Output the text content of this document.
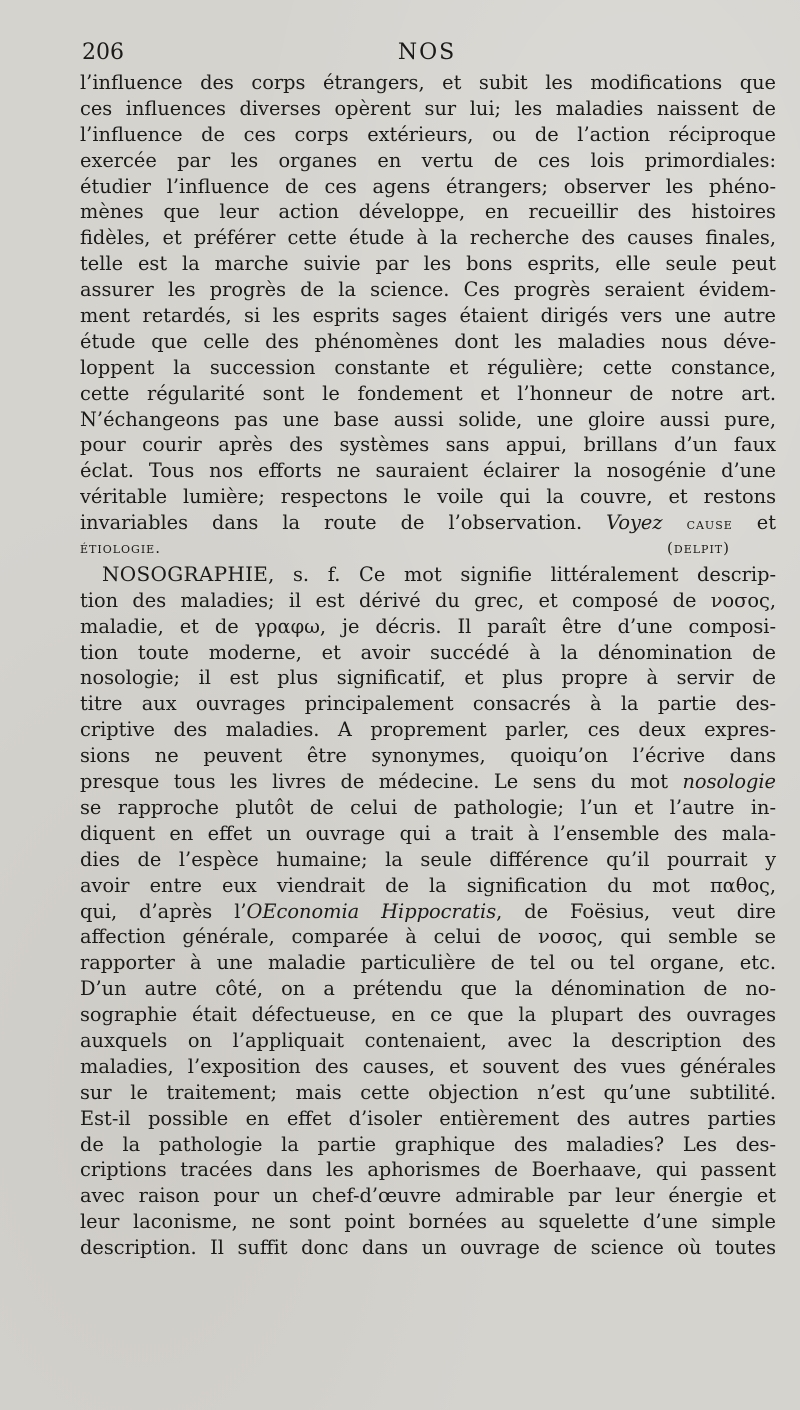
206	NOS
l’influence des corps étrangers, et subit les modifications que
ces influences diverses opèrent sur lui; les maladies naissent de
l’influence de ces corps extérieurs, ou de l’action réciproque
exercée par les organes en vertu de ces lois primordiales:
étudier l’influence de ces agens étrangers; observer les phéno-
mènes que leur action développe, en recueillir des histoires
fidèles, et préférer cette étude à la recherche des causes finales,
telle est la marche suivie par les bons esprits, elle seule peut
assurer les progrès de la science. Ces progrès seraient évidem-
ment retardés, si les esprits sages étaient dirigés vers une autre
étude que celle des phénomènes dont les maladies nous déve-
loppent la succession constante et régulière; cette constance,
cette régularité sont le fondement et l’honneur de notre art.
N’échangeons pas une base aussi solide, une gloire aussi pure,
pour courir après des systèmes sans appui, brillans d’un faux
éclat. Tous nos efforts ne sauraient éclairer la nosogénie d’une
véritable lumière; respectons le voile qui la couvre, et restons
invariables dans la route de l’observation. Voyez cause et
étiologie.	(delpit)
NOSOGRAPHIE, s. f. Ce mot signifie littéralement descrip-
tion des maladies; il est dérivé du grec, et composé de νοσος,
maladie, et de γραφω, je décris. Il paraît être d’une composi-
tion toute moderne, et avoir succédé à la dénomination de
nosologie; il est plus significatif, et plus propre à servir de
titre aux ouvrages principalement consacrés à la partie des-
criptive des maladies. A proprement parler, ces deux expres-
sions ne peuvent être synonymes, quoiqu’on l’écrive dans
presque tous les livres de médecine. Le sens du mot nosologie
se rapproche plutôt de celui de pathologie; l’un et l’autre in-
diquent en effet un ouvrage qui a trait à l’ensemble des mala-
dies de l’espèce humaine; la seule différence qu’il pourrait y
avoir entre eux viendrait de la signification du mot παθος,
qui, d’après l’OEconomia Hippocratis, de Foësius, veut dire
affection générale, comparée à celui de νοσος, qui semble se
rapporter à une maladie particulière de tel ou tel organe, etc.
D’un autre côté, on a prétendu que la dénomination de no-
sographie était défectueuse, en ce que la plupart des ouvrages
auxquels on l’appliquait contenaient, avec la description des
maladies, l’exposition des causes, et souvent des vues générales
sur le traitement; mais cette objection n’est qu’une subtilité.
Est-il possible en effet d’isoler entièrement des autres parties
de la pathologie la partie graphique des maladies? Les des-
criptions tracées dans les aphorismes de Boerhaave, qui passent
avec raison pour un chef-d’œuvre admirable par leur énergie et
leur laconisme, ne sont point bornées au squelette d’une simple
description. Il suffit donc dans un ouvrage de science où toutes
